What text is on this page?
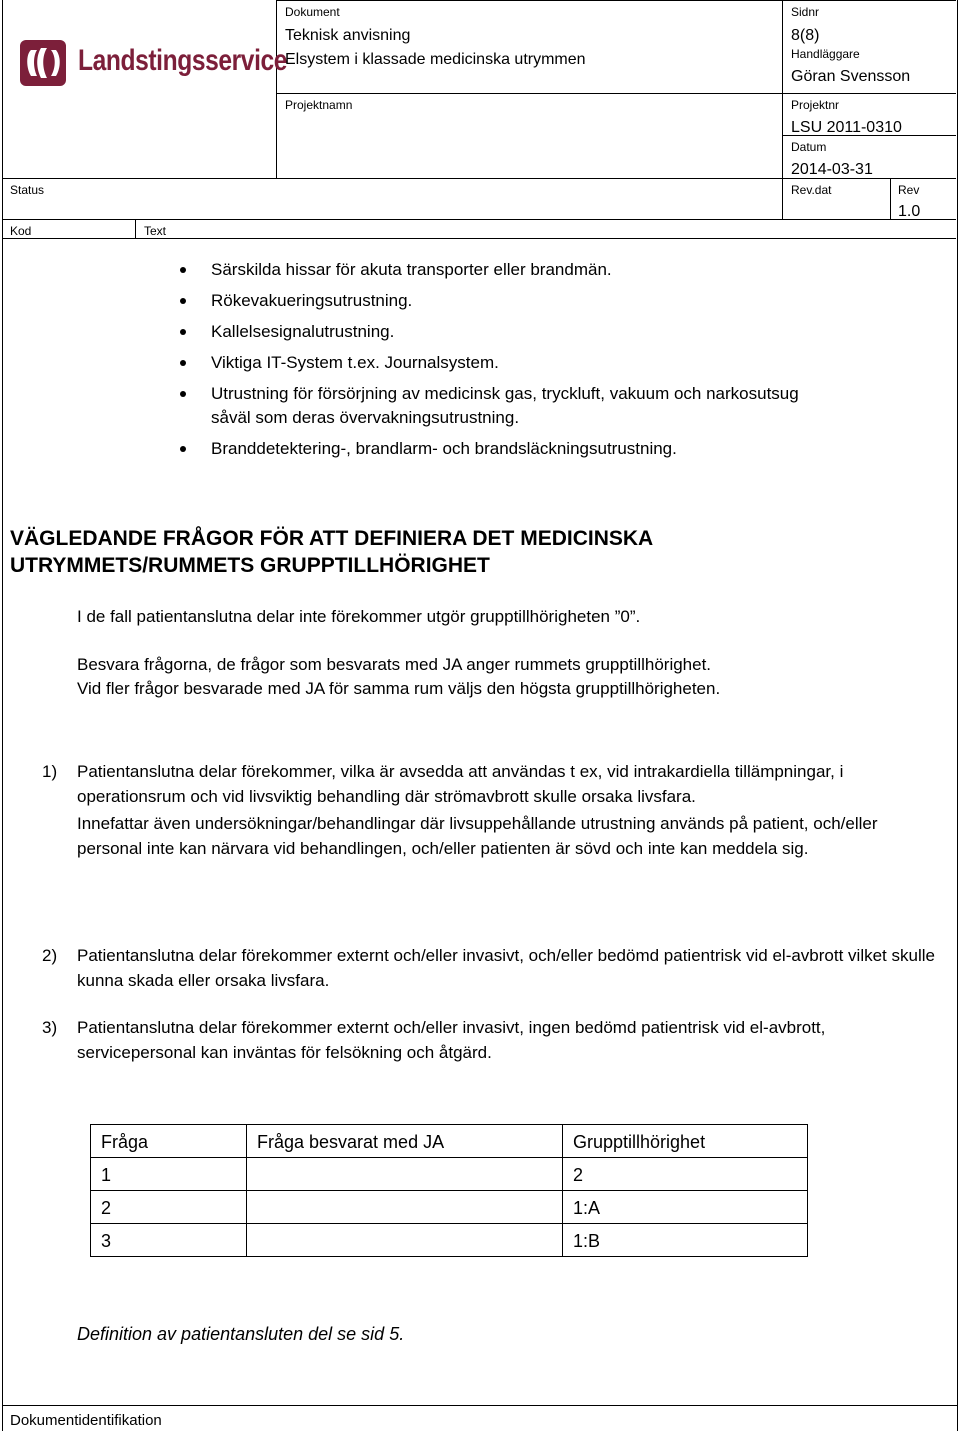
Landstingsservice
Dokument
Teknisk anvisning
Elsystem i klassade medicinska utrymmen
Sidnr
8(8)
Handläggare
Göran Svensson
Projektnamn	Projektnr
LSU 2011-0310
Datum
2014-03-31
Status	Rev.dat	Rev
1.0
Kod	Text
Särskilda hissar för akuta transporter eller brandmän.
Rökevakueringsutrustning.
Kallelsesignalutrustning.
Viktiga IT-System t.ex. Journalsystem.
Utrustning för försörjning av medicinsk gas, tryckluft, vakuum och narkosutsug såväl som deras övervakningsutrustning.
Branddetektering-, brandlarm- och brandsläckningsutrustning.
VÄGLEDANDE FRÅGOR FÖR ATT DEFINIERA DET MEDICINSKA UTRYMMETS/RUMMETS GRUPPTILLHÖRIGHET
I de fall patientanslutna delar inte förekommer utgör grupptillhörigheten ”0”.
Besvara frågorna, de frågor som besvarats med JA anger rummets grupptillhörighet.
Vid fler frågor besvarade med JA för samma rum väljs den högsta grupptillhörigheten.
1) Patientanslutna delar förekommer, vilka är avsedda att användas t ex, vid intrakardiella tillämpningar, i operationsrum och vid livsviktig behandling där strömavbrott skulle orsaka livsfara.
Innefattar även undersökningar/behandlingar där livsuppehållande utrustning används på patient, och/eller personal inte kan närvara vid behandlingen, och/eller patienten är sövd och inte kan meddela sig.
2) Patientanslutna delar förekommer externt och/eller invasivt, och/eller bedömd patientrisk vid el-avbrott vilket skulle kunna skada eller orsaka livsfara.
3) Patientanslutna delar förekommer externt och/eller invasivt, ingen bedömd patientrisk vid el-avbrott, servicepersonal kan inväntas för felsökning och åtgärd.
Fråga	Fråga besvarat med JA	Grupptillhörighet
1		2
2		1:A
3		1:B
Definition av patientansluten del se sid 5.
Dokumentidentifikation
